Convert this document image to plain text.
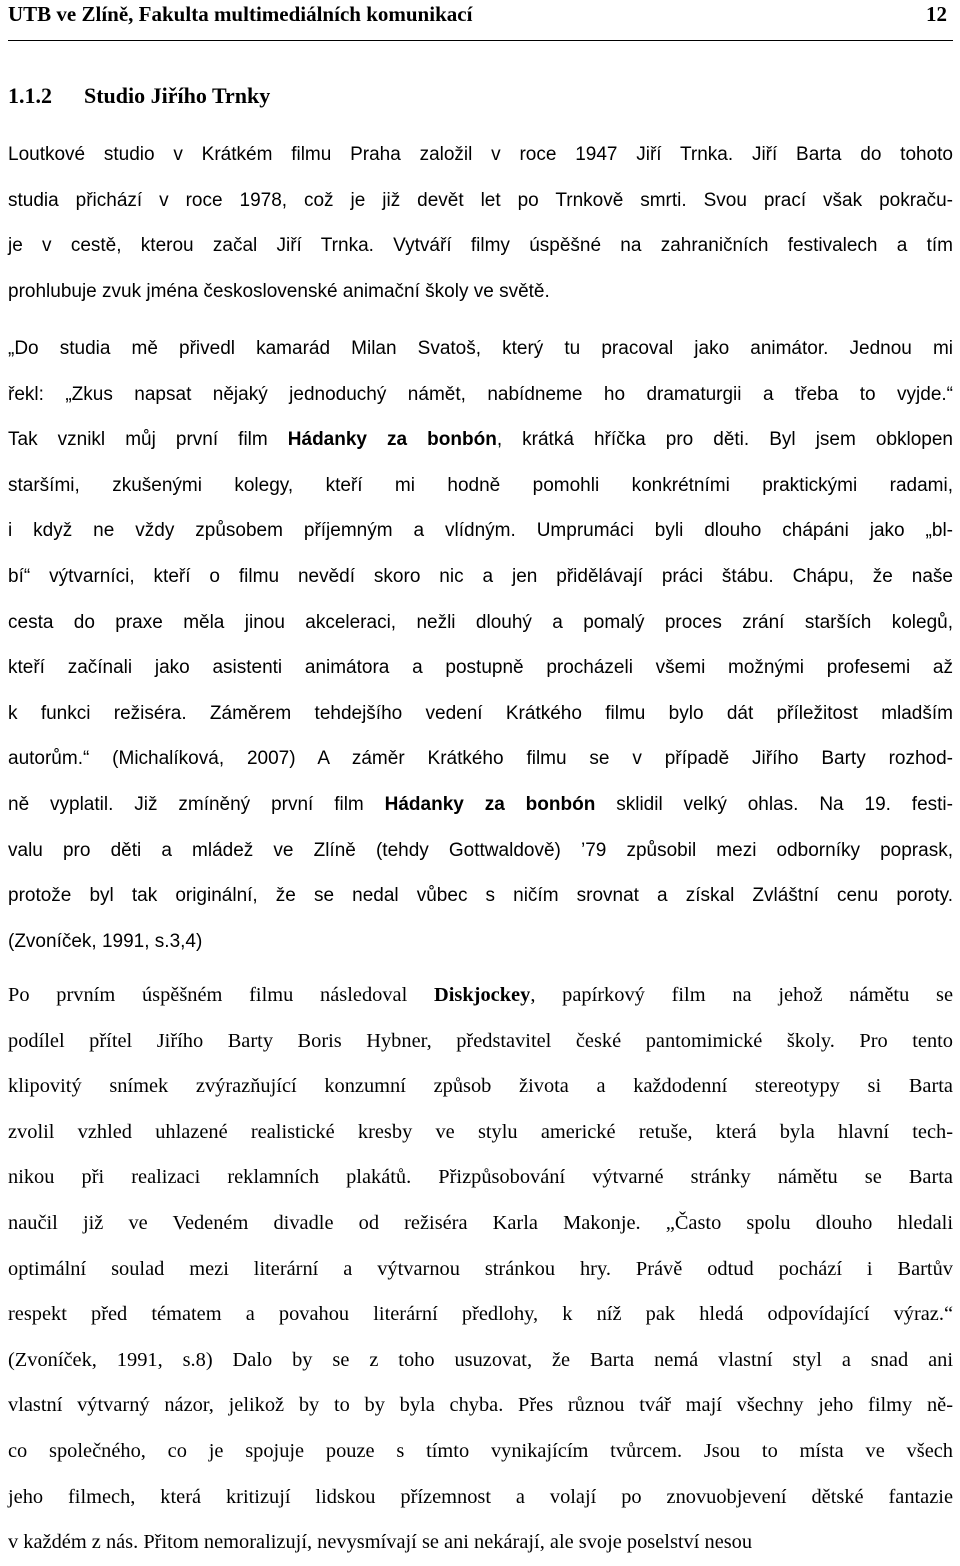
UTB ve Zlíně, Fakulta multimediálních komunikací	12
1.1.2 Studio Jiřího Trnky
Loutkové studio v Krátkém filmu Praha založil v roce 1947 Jiří Trnka. Jiří Barta do tohoto
studia přichází v roce 1978, což je již devět let po Trnkově smrti. Svou prací však pokraču-
je v cestě, kterou začal Jiří Trnka. Vytváří filmy úspěšné na zahraničních festivalech a tím
prohlubuje zvuk jména československé animační školy ve světě.
„Do studia mě přivedl kamarád Milan Svatoš, který tu pracoval jako animátor. Jednou mi
řekl: „Zkus napsat nějaký jednoduchý námět, nabídneme ho dramaturgii a třeba to vyjde.“
Tak vznikl můj první film Hádanky za bonbón, krátká hříčka pro děti. Byl jsem obklopen
staršími, zkušenými kolegy, kteří mi hodně pomohli konkrétními praktickými radami,
i když ne vždy způsobem příjemným a vlídným. Umprumáci byli dlouho chápáni jako „bl-
bí“ výtvarníci, kteří o filmu nevědí skoro nic a jen přidělávají práci štábu. Chápu, že naše
cesta do praxe měla jinou akceleraci, nežli dlouhý a pomalý proces zrání starších kolegů,
kteří začínali jako asistenti animátora a postupně procházeli všemi možnými profesemi až
k funkci režiséra. Záměrem tehdejšího vedení Krátkého filmu bylo dát příležitost mladším
autorům.“ (Michalíková, 2007) A záměr Krátkého filmu se v případě Jiřího Barty rozhod-
ně vyplatil. Již zmíněný první film Hádanky za bonbón sklidil velký ohlas. Na 19. festi-
valu pro děti a mládež ve Zlíně (tehdy Gottwaldově) ’79 způsobil mezi odborníky poprask,
protože byl tak originální, že se nedal vůbec s ničím srovnat a získal Zvláštní cenu poroty.
(Zvoníček, 1991, s.3,4)
Po prvním úspěšném filmu následoval Diskjockey, papírkový film na jehož námětu se
podílel přítel Jiřího Barty Boris Hybner, představitel české pantomimické školy. Pro tento
klipovitý snímek zvýrazňující konzumní způsob života a každodenní stereotypy si Barta
zvolil vzhled uhlazené realistické kresby ve stylu americké retuše, která byla hlavní tech-
nikou při realizaci reklamních plakátů. Přizpůsobování výtvarné stránky námětu se Barta
naučil již ve Vedeném divadle od režiséra Karla Makonje. „Často spolu dlouho hledali
optimální soulad mezi literární a výtvarnou stránkou hry. Právě odtud pochází i Bartův
respekt před tématem a povahou literární předlohy, k níž pak hledá odpovídající výraz.“
(Zvoníček, 1991, s.8) Dalo by se z toho usuzovat, že Barta nemá vlastní styl a snad ani
vlastní výtvarný názor, jelikož by to by byla chyba. Přes různou tvář mají všechny jeho filmy ně-
co společného, co je spojuje pouze s tímto vynikajícím tvůrcem. Jsou to místa ve všech
jeho filmech, která kritizují lidskou přízemnost a volají po znovuobjevení dětské fantazie
v každém z nás. Přitom nemoralizují, nevysmívají se ani nekárají, ale svoje poselství nesou
